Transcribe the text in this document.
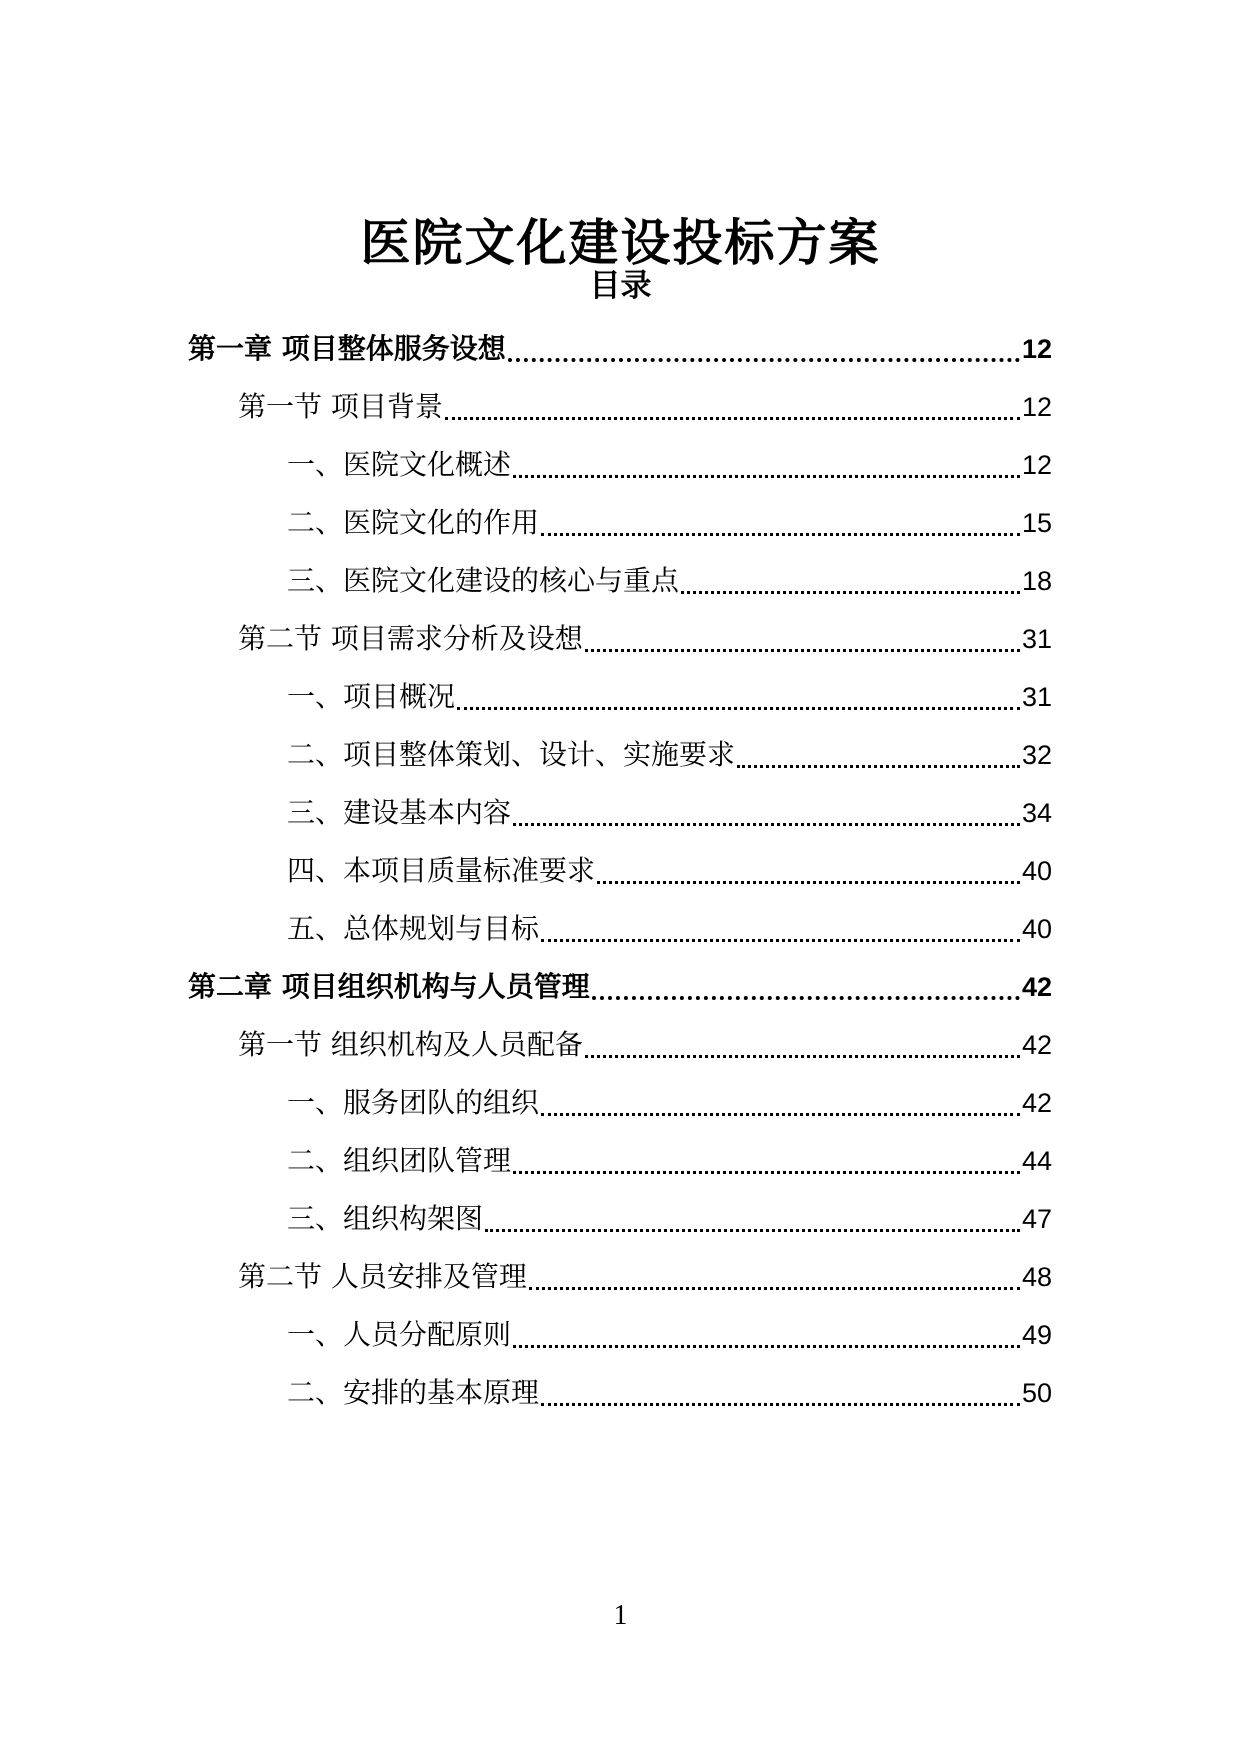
医院文化建设投标方案
目录
第一章 项目整体服务设想	12
第一节 项目背景	12
一、医院文化概述	12
二、医院文化的作用	15
三、医院文化建设的核心与重点	18
第二节 项目需求分析及设想	31
一、项目概况	31
二、项目整体策划、设计、实施要求	32
三、建设基本内容	34
四、本项目质量标准要求	40
五、总体规划与目标	40
第二章 项目组织机构与人员管理	42
第一节 组织机构及人员配备	42
一、服务团队的组织	42
二、组织团队管理	44
三、组织构架图	47
第二节 人员安排及管理	48
一、人员分配原则	49
二、安排的基本原理	50
1
